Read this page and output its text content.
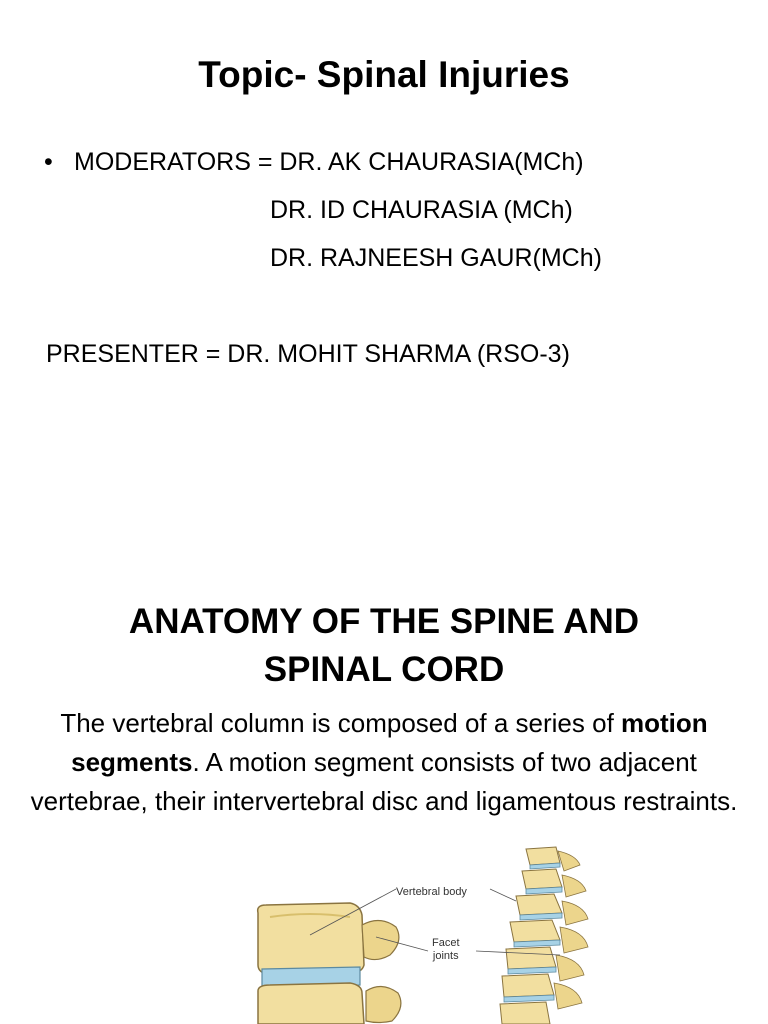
Topic- Spinal Injuries
• MODERATORS = DR. AK CHAURASIA(MCh)
DR. ID CHAURASIA (MCh)
DR. RAJNEESH GAUR(MCh)
PRESENTER = DR. MOHIT SHARMA (RSO-3)
ANATOMY OF THE SPINE AND
SPINAL CORD

The vertebral column is composed of a series of motion segments. A motion segment consists of two adjacent vertebrae, their intervertebral disc and ligamentous restraints.

Vertebral body
Facet
joints
